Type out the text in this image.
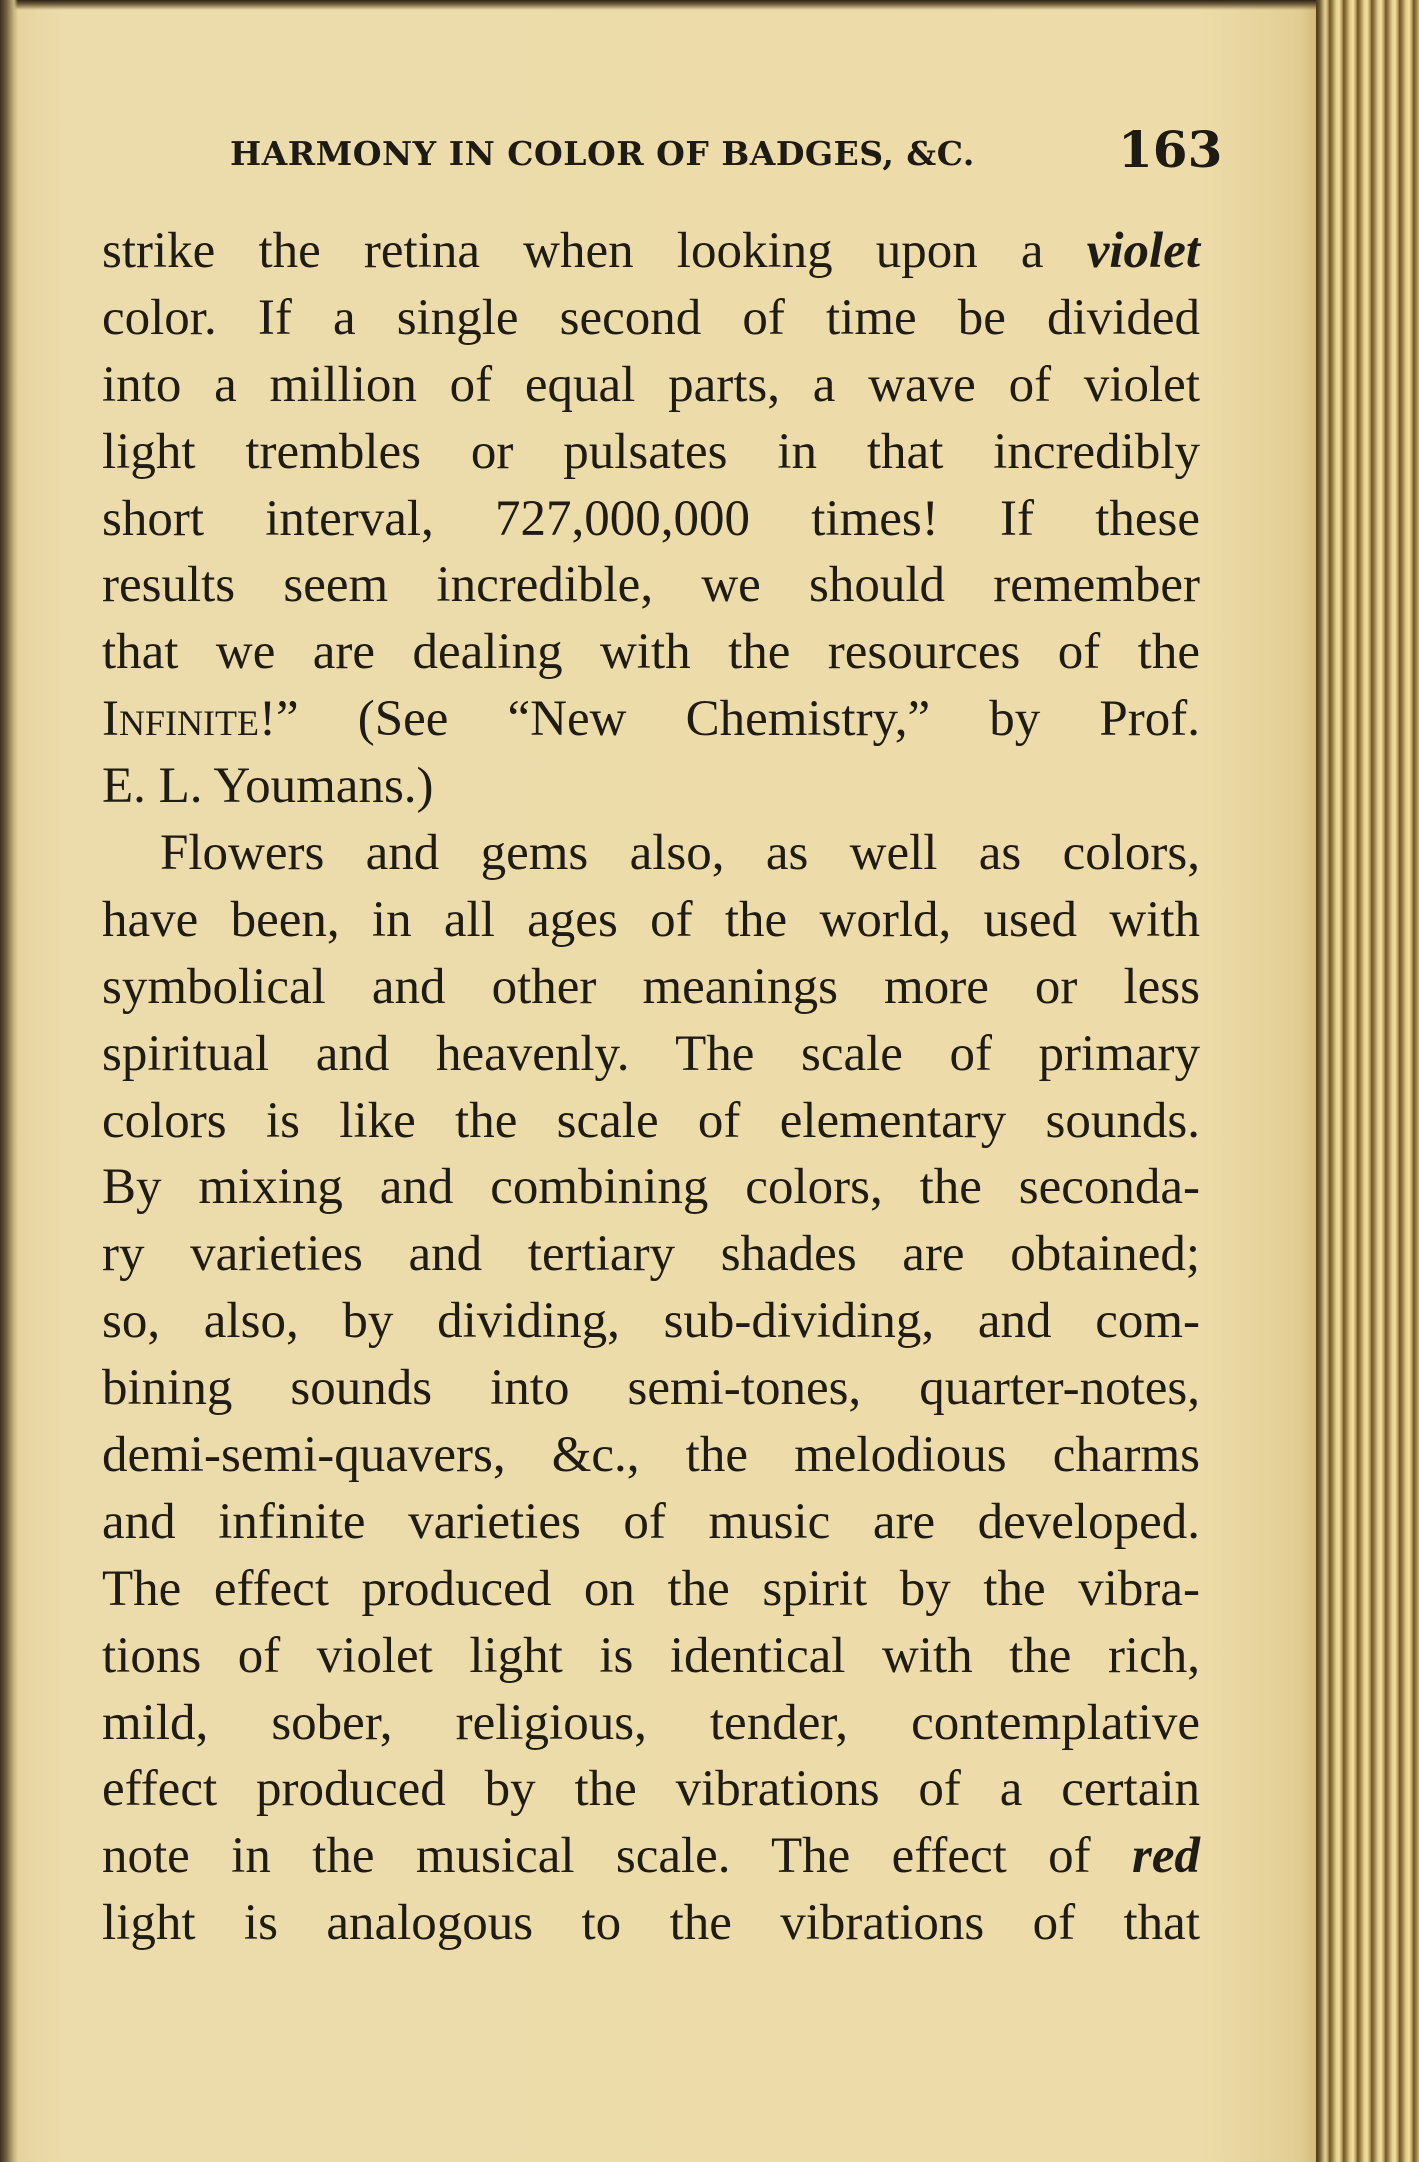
HARMONY IN COLOR OF BADGES, &C.	163
strike the retina when looking upon a violet
color. If a single second of time be divided
into a million of equal parts, a wave of violet
light trembles or pulsates in that incredibly
short interval, 727,000,000 times! If these
results seem incredible, we should remember
that we are dealing with the resources of the
Infinite!” (See “New Chemistry,” by Prof.
E. L. Youmans.)
Flowers and gems also, as well as colors,
have been, in all ages of the world, used with
symbolical and other meanings more or less
spiritual and heavenly. The scale of primary
colors is like the scale of elementary sounds.
By mixing and combining colors, the seconda-
ry varieties and tertiary shades are obtained;
so, also, by dividing, sub-dividing, and com-
bining sounds into semi-tones, quarter-notes,
demi-semi-quavers, &c., the melodious charms
and infinite varieties of music are developed.
The effect produced on the spirit by the vibra-
tions of violet light is identical with the rich,
mild, sober, religious, tender, contemplative
effect produced by the vibrations of a certain
note in the musical scale. The effect of red
light is analogous to the vibrations of that
